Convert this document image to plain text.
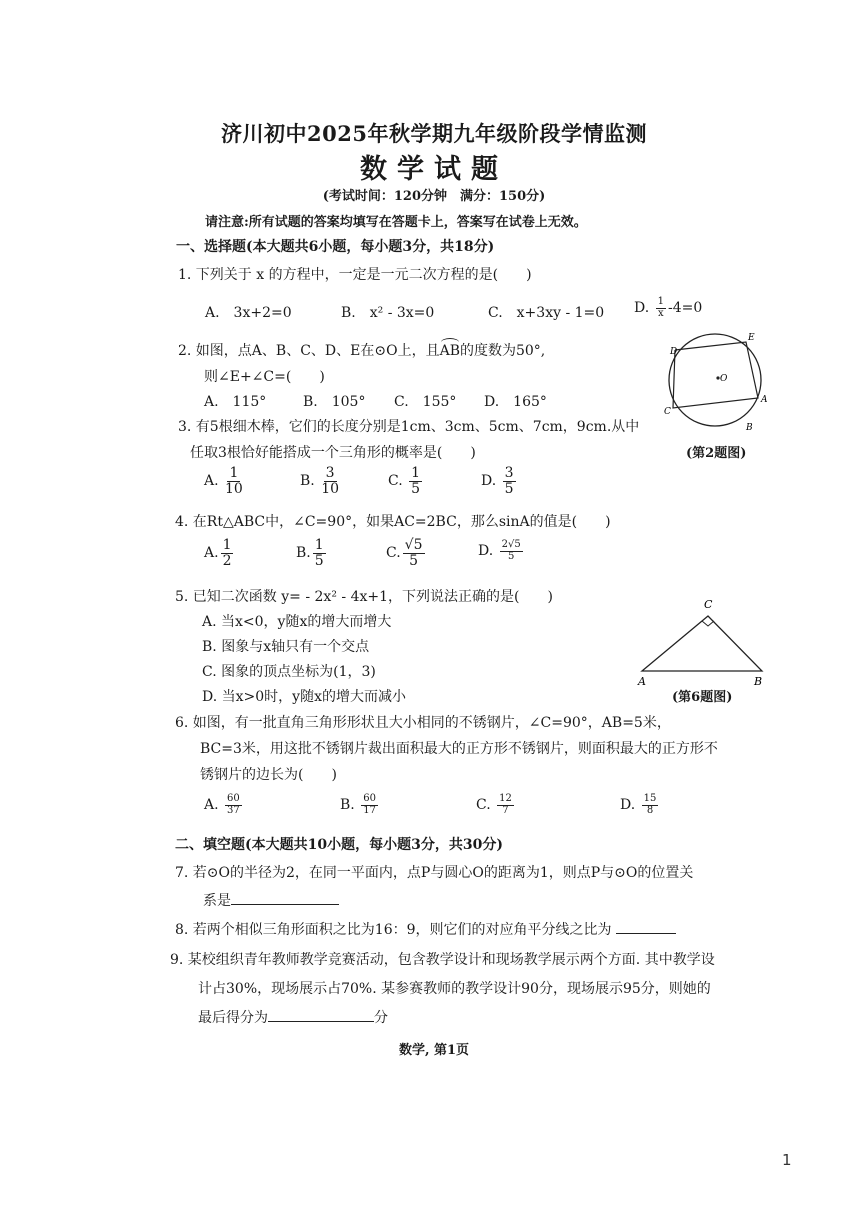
济川初中2025年秋学期九年级阶段学情监测
数学试题
(考试时间：120分钟　满分：150分)
请注意:所有试题的答案均填写在答题卡上，答案写在试卷上无效。
一、选择题(本大题共6小题，每小题3分，共18分)
1. 下列关于 x 的方程中，一定是一元二次方程的是(　　)
A.　3x+2=0	B.　x² - 3x=0	C.　x+3xy - 1=0 D. $\frac{1}{x} -4=0$
2. 如图，点A、B、C、D、E在⊙O上，且AB的度数为50°,
则∠E+∠C=(　　)
A.　115°	B.　105° C.　155° D.　165°
D
E
O
C
A
B
(第2题图)
3. 有5根细木棒，它们的长度分别是1cm、3cm、5cm、7cm，9cm.从中
任取3根恰好能搭成一个三角形的概率是(　　)
A. $\frac{1}{10}$	B. $\frac{3}{10}$	C. $\frac{1}{5}$	D. $\frac{3}{5}$
4. 在Rt△ABC中，∠C=90°，如果AC=2BC，那么sinA的值是(　　)
A. $\frac{1}{2}$	B. $\frac{1}{5}$	C. $\frac{√5}{5}$	D. $\frac{2√5}{5}$
5. 已知二次函数 y= - 2x² - 4x+1，下列说法正确的是(　　)
A. 当x<0，y随x的增大而增大
B. 图象与x轴只有一个交点
C. 图象的顶点坐标为(1，3)
D. 当x>0时，y随x的增大而减小
C
A	B
(第6题图)
6. 如图，有一批直角三角形形状且大小相同的不锈钢片，∠C=90°，AB=5米，
BC=3米，用这批不锈钢片裁出面积最大的正方形不锈钢片，则面积最大的正方形不
锈钢片的边长为(　　)
A. $\frac{60}{37}$	B. $\frac{60}{17}$	C. $\frac{12}{7}$	D. $\frac{15}{8}$
二、填空题(本大题共10小题，每小题3分，共30分)
7. 若⊙O的半径为2，在同一平面内，点P与圆心O的距离为1，则点P与⊙O的位置关
系是
8. 若两个相似三角形面积之比为16：9，则它们的对应角平分线之比为
9. 某校组织青年教师教学竞赛活动，包含教学设计和现场教学展示两个方面. 其中教学设
计占30%，现场展示占70%. 某参赛教师的教学设计90分，现场展示95分，则她的
最后得分为	分
数学, 第1页
1
